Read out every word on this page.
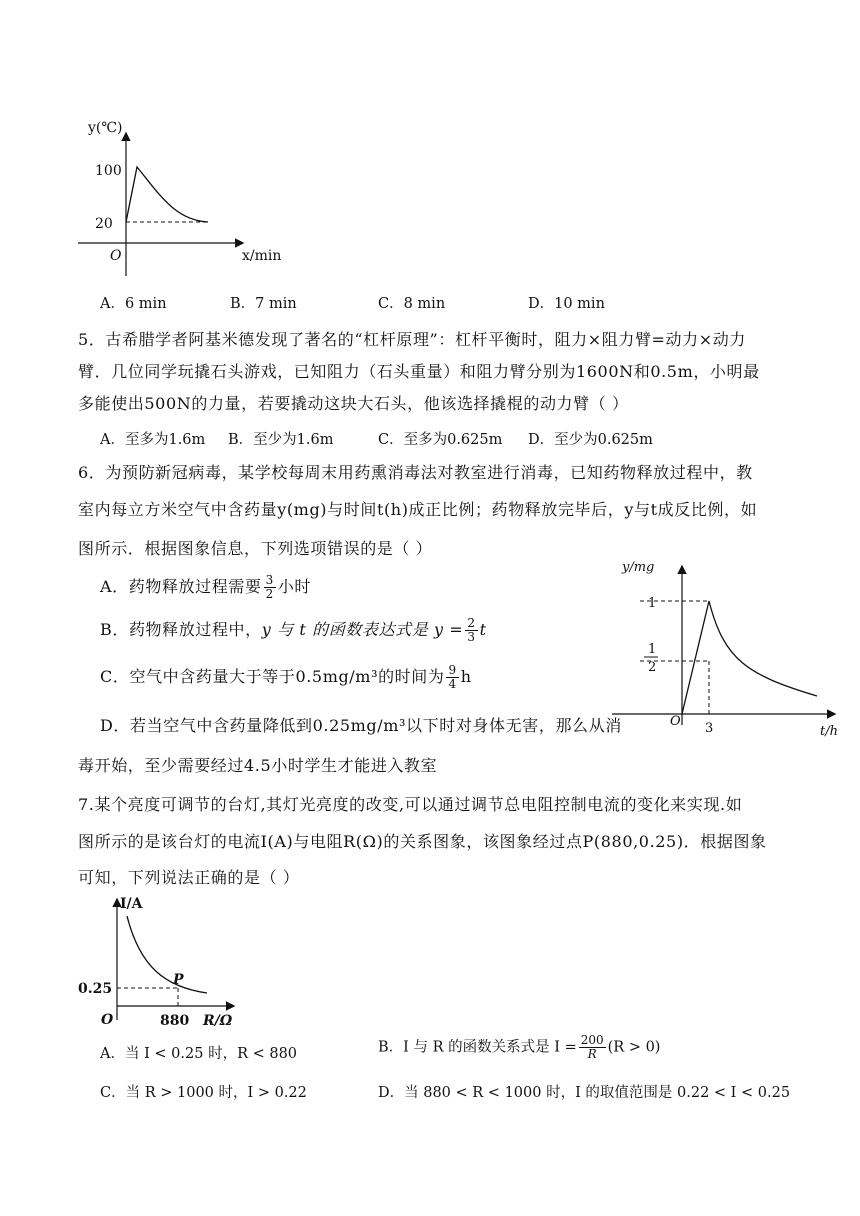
y(℃)
100
20
O	x/min
A．6 min	B．7 min	C．8 min	D．10 min
5．古希腊学者阿基米德发现了著名的“杠杆原理”：杠杆平衡时，阻力×阻力臂=动力×动力
臂．几位同学玩撬石头游戏，已知阻力（石头重量）和阻力臂分别为1600N和0.5m，小明最
多能使出500N的力量，若要撬动这块大石头，他该选择撬棍的动力臂（ ）
A．至多为1.6m B．至少为1.6m	C．至多为0.625m D．至少为0.625m
6．为预防新冠病毒，某学校每周末用药熏消毒法对教室进行消毒，已知药物释放过程中，教
室内每立方米空气中含药量y(mg)与时间t(h)成正比例；药物释放完毕后，y与t成反比例，如
图所示．根据图象信息，下列选项错误的是（ ）
A．药物释放过程需要 $\frac{3}{2}$ 小时
B．药物释放过程中，y 与 t 的函数表达式是 $y = \frac{2}{3}$ t
C．空气中含药量大于等于0.5mg/m³的时间为 $\frac{9}{4}$ h
D．若当空气中含药量降低到0.25mg/m³以下时对身体无害，那么从消
毒开始，至少需要经过4.5小时学生才能进入教室
y/mg
1
1
2
O 3	t/h
7.某个亮度可调节的台灯,其灯光亮度的改变,可以通过调节总电阻控制电流的变化来实现.如
图所示的是该台灯的电流I(A)与电阻R(Ω)的关系图象，该图象经过点P(880,0.25)．根据图象
可知，下列说法正确的是（ ）
I/A
P
0.25
O	880 R/Ω
A．当 I < 0.25 时，R < 880	B．I 与 R 的函数关系式是 $I = \frac{200}{R} (R > 0)$
C．当 R > 1000 时，I > 0.22	D．当 880 < R < 1000 时，I 的取值范围是 0.22 < I < 0.25
